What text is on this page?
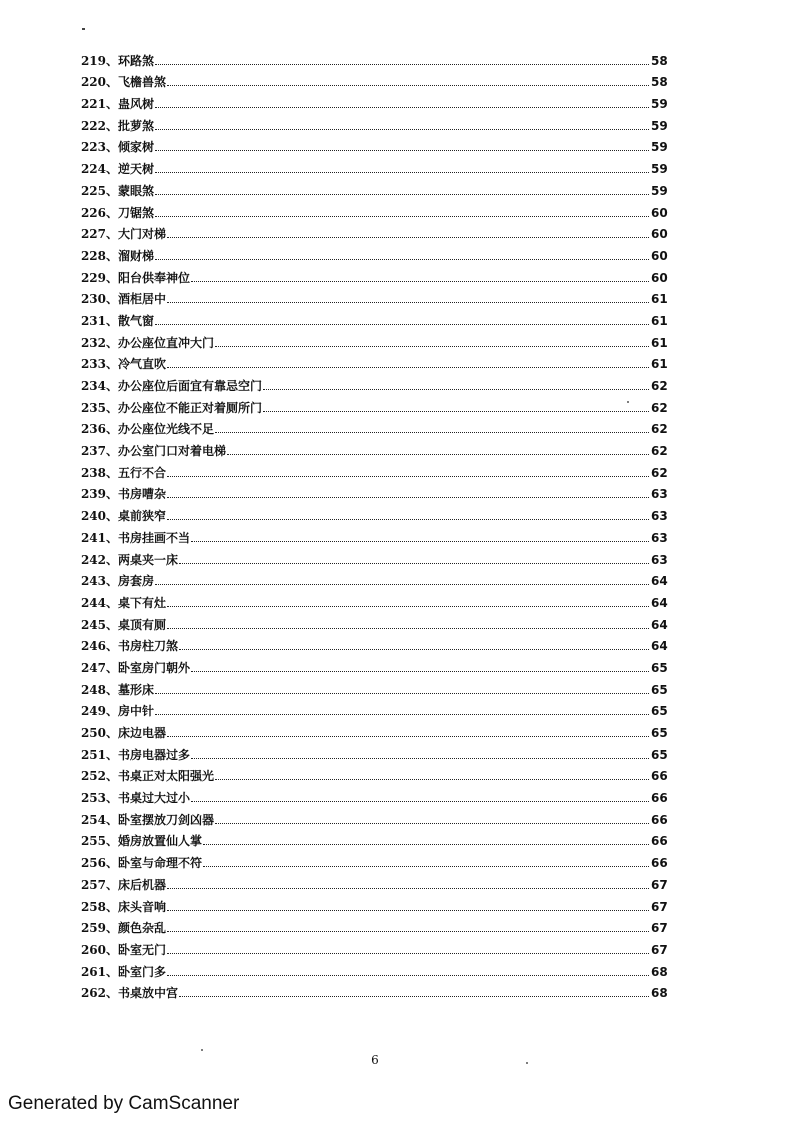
219、 环路煞	58
220、 飞檐兽煞	58
221、 蛊风树	59
222、 批萝煞	59
223、 倾家树	59
224、 逆天树	59
225、 蒙眼煞	59
226、 刀锯煞	60
227、 大门对梯	60
228、 溜财梯	60
229、 阳台供奉神位	60
230、 酒柜居中	61
231、 散气窗	61
232、 办公座位直冲大门	61
233、 冷气直吹	61
234、 办公座位后面宜有靠忌空门	62
235、 办公座位不能正对着厕所门	62
236、 办公座位光线不足	62
237、 办公室门口对着电梯	62
238、 五行不合	62
239、 书房嘈杂	63
240、 桌前狭窄	63
241、 书房挂画不当	63
242、 两桌夹一床	63
243、 房套房	64
244、 桌下有灶	64
245、 桌顶有厕	64
246、 书房柱刀煞	64
247、 卧室房门朝外	65
248、 墓形床	65
249、 房中针	65
250、 床边电器	65
251、 书房电器过多	65
252、 书桌正对太阳强光	66
253、 书桌过大过小	66
254、 卧室摆放刀剑凶器	66
255、 婚房放置仙人掌	66
256、 卧室与命理不符	66
257、 床后机器	67
258、 床头音响	67
259、 颜色杂乱	67
260、 卧室无门	67
261、 卧室门多	68
262、 书桌放中宫	68
6
Generated by CamScanner
